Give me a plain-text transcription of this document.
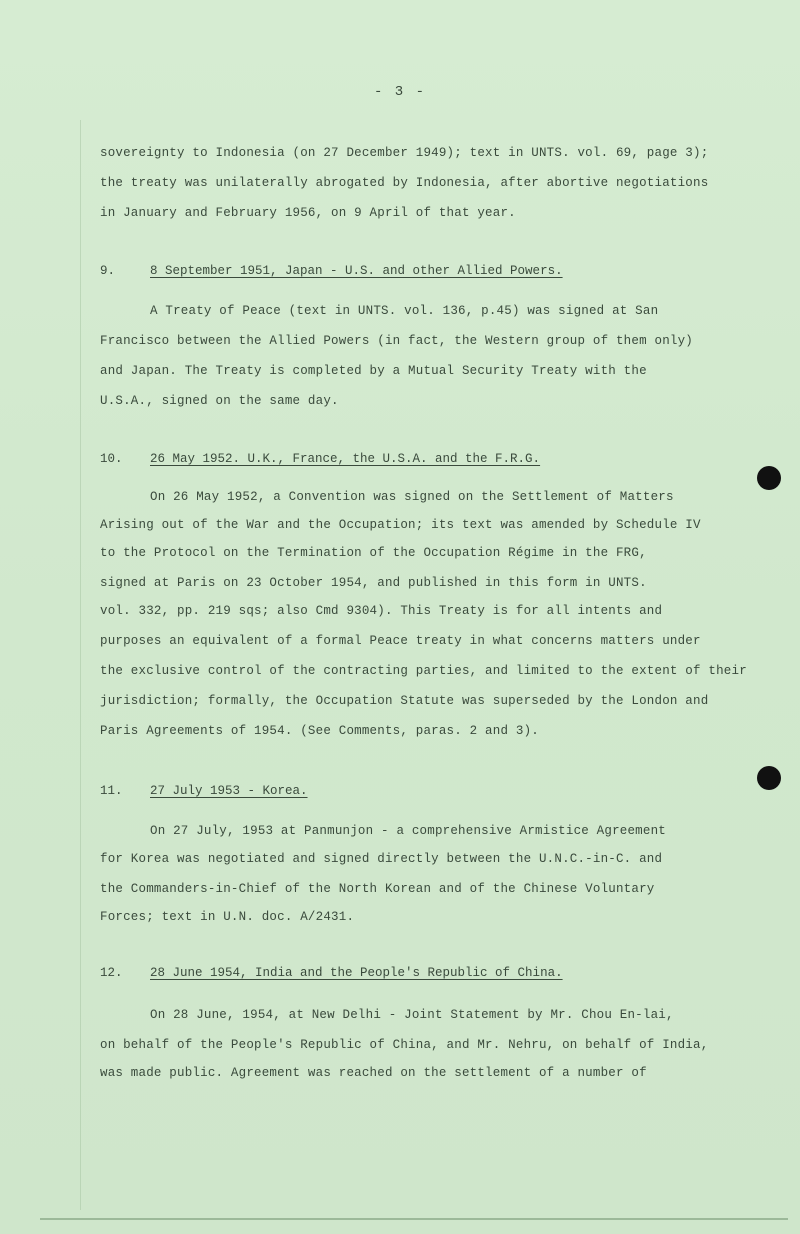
- 3 -
sovereignty to Indonesia (on 27 December 1949); text in UNTS. vol. 69, page 3);
the treaty was unilaterally abrogated by Indonesia, after abortive negotiations
in January and February 1956, on 9 April of that year.
9.	8 September 1951, Japan - U.S. and other Allied Powers.
A Treaty of Peace (text in UNTS. vol. 136, p.45) was signed at San
Francisco between the Allied Powers (in fact, the Western group of them only)
and Japan. The Treaty is completed by a Mutual Security Treaty with the
U.S.A., signed on the same day.
10. 26 May 1952. U.K., France, the U.S.A. and the F.R.G.
On 26 May 1952, a Convention was signed on the Settlement of Matters
Arising out of the War and the Occupation; its text was amended by Schedule IV
to the Protocol on the Termination of the Occupation Régime in the FRG,
signed at Paris on 23 October 1954, and published in this form in UNTS.
vol. 332, pp. 219 sqs; also Cmd 9304). This Treaty is for all intents and
purposes an equivalent of a formal Peace treaty in what concerns matters under
the exclusive control of the contracting parties, and limited to the extent of their
jurisdiction; formally, the Occupation Statute was superseded by the London and
Paris Agreements of 1954. (See Comments, paras. 2 and 3).
11. 27 July 1953 - Korea.
On 27 July, 1953 at Panmunjon - a comprehensive Armistice Agreement
for Korea was negotiated and signed directly between the U.N.C.-in-C. and
the Commanders-in-Chief of the North Korean and of the Chinese Voluntary
Forces; text in U.N. doc. A/2431.
12. 28 June 1954, India and the People's Republic of China.
On 28 June, 1954, at New Delhi - Joint Statement by Mr. Chou En-lai,
on behalf of the People's Republic of China, and Mr. Nehru, on behalf of India,
was made public. Agreement was reached on the settlement of a number of
